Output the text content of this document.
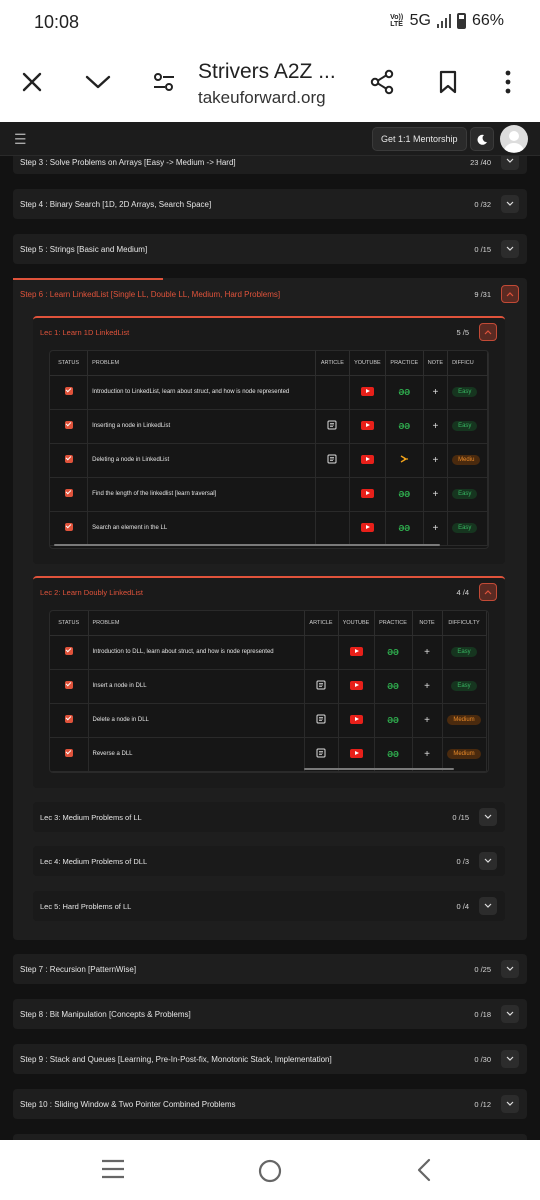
10:08	Vo)) LTE 5G	66%
Strivers A2Z ...
takeuforward.org
☰	Get 1:1 Mentorship
Step 3 : Solve Problems on Arrays [Easy -> Medium -> Hard]	23 /40
Step 4 : Binary Search [1D, 2D Arrays, Search Space]	0 /32
Step 5 : Strings [Basic and Medium]	0 /15
Step 6 : Learn LinkedList [Single LL, Double LL, Medium, Hard Problems]	9 /31
Lec 1: Learn 1D LinkedList	5 /5
STATUS	PROBLEM	ARTICLE	YOUTUBE	PRACTICE	NOTE	DIFFICU
	Introduction to LinkedList, learn about struct, and how is node represented			ƏƏ	+	Easy
	Inserting a node in LinkedList			ƏƏ	+	Easy
	Deleting a node in LinkedList				+	Mediu
	Find the length of the linkedlist [learn traversal]			ƏƏ	+	Easy
	Search an element in the LL			ƏƏ	+	Easy
Lec 2: Learn Doubly LinkedList	4 /4
STATUS	PROBLEM	ARTICLE	YOUTUBE	PRACTICE	NOTE	DIFFICULTY
	Introduction to DLL, learn about struct, and how is node represented			ƏƏ	+	Easy
	Insert a node in DLL			ƏƏ	+	Easy
	Delete a node in DLL			ƏƏ	+	Medium
	Reverse a DLL			ƏƏ	+	Medium
Lec 3: Medium Problems of LL	0 /15
Lec 4: Medium Problems of DLL	0 /3
Lec 5: Hard Problems of LL	0 /4
Step 7 : Recursion [PatternWise]	0 /25
Step 8 : Bit Manipulation [Concepts & Problems]	0 /18
Step 9 : Stack and Queues [Learning, Pre-In-Post-fix, Monotonic Stack, Implementation]	0 /30
Step 10 : Sliding Window & Two Pointer Combined Problems	0 /12
